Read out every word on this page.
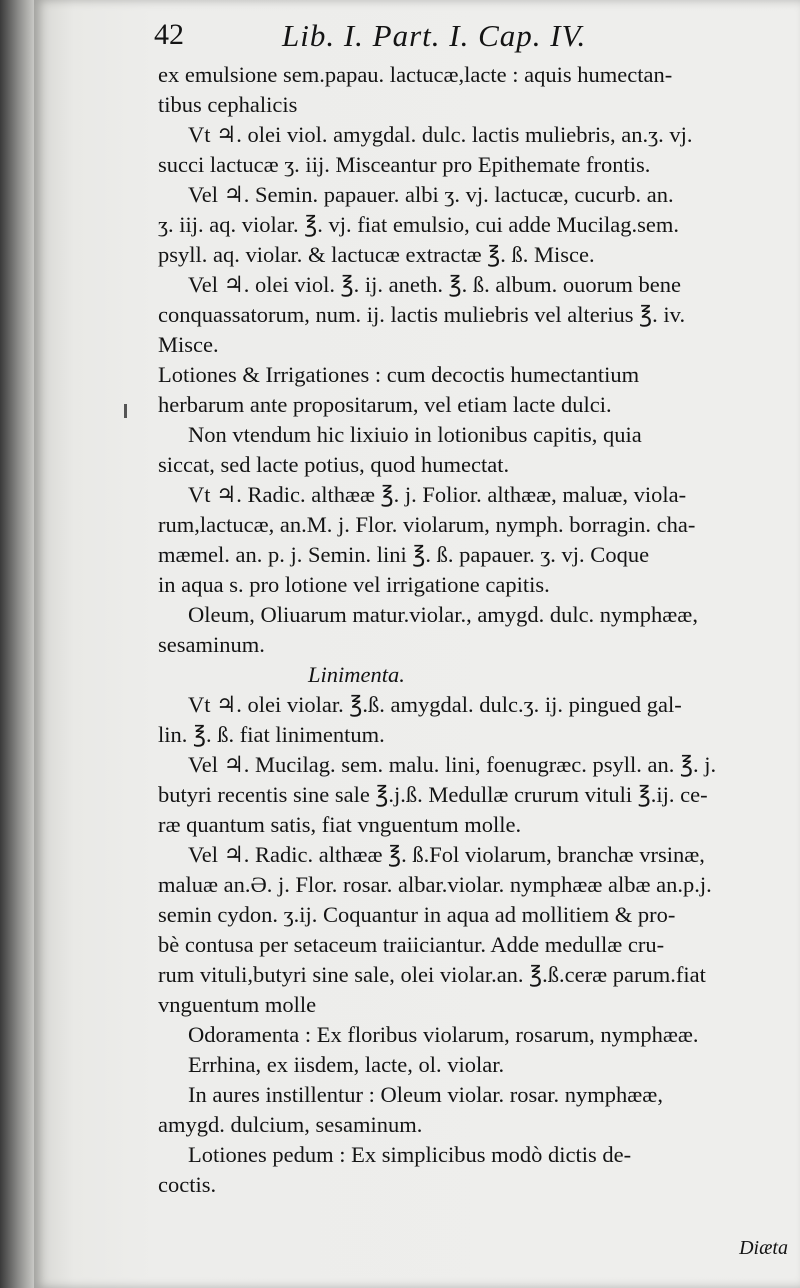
42	Lib. I. Part. I. Cap. IV.
ex emulsione sem.papau. lactucæ,lacte : aquis humectan-
tibus cephalicis
Vt ♃. olei viol. amygdal. dulc. lactis muliebris, an.ʒ. vj.
succi lactucæ ʒ. iij. Misceantur pro Epithemate frontis.
Vel ♃. Semin. papauer. albi ʒ. vj. lactucæ, cucurb. an.
ʒ. iij. aq. violar. ℥. vj. fiat emulsio, cui adde Mucilag.sem.
psyll. aq. violar. & lactucæ extractæ ℥. ß. Misce.
Vel ♃. olei viol. ℥. ij. aneth. ℥. ß. album. ouorum bene
conquassatorum, num. ij. lactis muliebris vel alterius ℥. iv.
Misce.
Lotiones & Irrigationes : cum decoctis humectantium
herbarum ante propositarum, vel etiam lacte dulci.
Non vtendum hic lixiuio in lotionibus capitis, quia
siccat, sed lacte potius, quod humectat.
Vt ♃. Radic. althææ ℥. j. Folior. althææ, maluæ, viola-
rum,lactucæ, an.M. j. Flor. violarum, nymph. borragin. cha-
mæmel. an. p. j. Semin. lini ℥. ß. papauer. ʒ. vj. Coque
in aqua s. pro lotione vel irrigatione capitis.
Oleum, Oliuarum matur.violar., amygd. dulc. nymphææ,
sesaminum.
Linimenta.
Vt ♃. olei violar. ℥.ß. amygdal. dulc.ʒ. ij. pingued gal-
lin. ℥. ß. fiat linimentum.
Vel ♃. Mucilag. sem. malu. lini, foenugræc. psyll. an. ℥. j.
butyri recentis sine sale ℥.j.ß. Medullæ crurum vituli ℥.ij. ce-
ræ quantum satis, fiat vnguentum molle.
Vel ♃. Radic. althææ ℥. ß.Fol violarum, branchæ vrsinæ,
maluæ an.Ə. j. Flor. rosar. albar.violar. nymphææ albæ an.p.j.
semin cydon. ʒ.ij. Coquantur in aqua ad mollitiem & pro-
bè contusa per setaceum traiiciantur. Adde medullæ cru-
rum vituli,butyri sine sale, olei violar.an. ℥.ß.ceræ parum.fiat
vnguentum molle
Odoramenta : Ex floribus violarum, rosarum, nymphææ.
Errhina, ex iisdem, lacte, ol. violar.
In aures instillentur : Oleum violar. rosar. nymphææ,
amygd. dulcium, sesaminum.
Lotiones pedum : Ex simplicibus modò dictis de-
coctis.
Diæta
